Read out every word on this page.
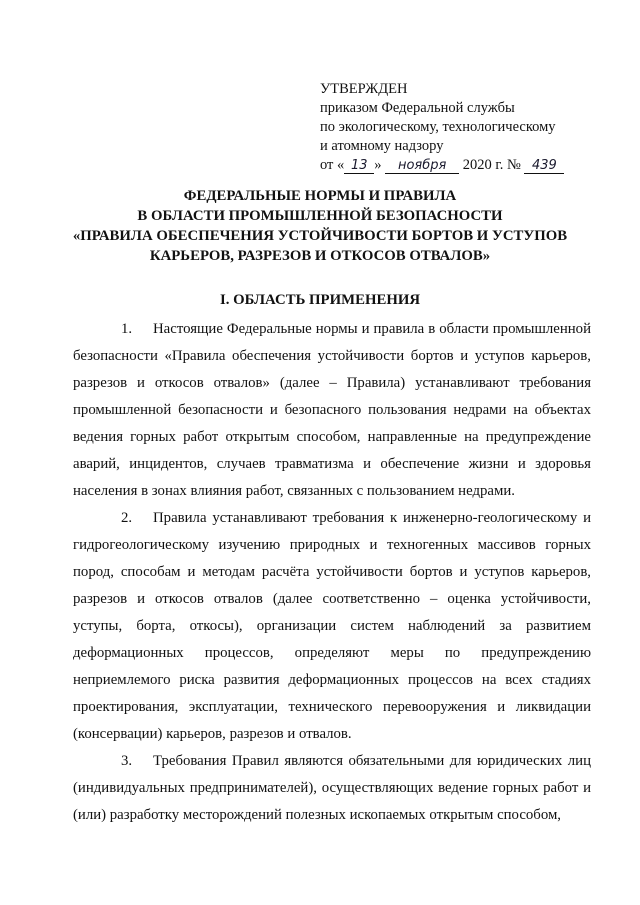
УТВЕРЖДЕН
приказом Федеральной службы
по экологическому, технологическому
и атомному надзору
от « 13 » ноября 2020 г. № 439
ФЕДЕРАЛЬНЫЕ НОРМЫ И ПРАВИЛА
В ОБЛАСТИ ПРОМЫШЛЕННОЙ БЕЗОПАСНОСТИ
«ПРАВИЛА ОБЕСПЕЧЕНИЯ УСТОЙЧИВОСТИ БОРТОВ И УСТУПОВ
КАРЬЕРОВ, РАЗРЕЗОВ И ОТКОСОВ ОТВАЛОВ»
I. ОБЛАСТЬ ПРИМЕНЕНИЯ

1. Настоящие Федеральные нормы и правила в области промышленной безопасности «Правила обеспечения устойчивости бортов и уступов карьеров, разрезов и откосов отвалов» (далее – Правила) устанавливают требования промышленной безопасности и безопасного пользования недрами на объектах ведения горных работ открытым способом, направленные на предупреждение аварий, инцидентов, случаев травматизма и обеспечение жизни и здоровья населения в зонах влияния работ, связанных с пользованием недрами.

2. Правила устанавливают требования к инженерно-геологическому и гидрогеологическому изучению природных и техногенных массивов горных пород, способам и методам расчёта устойчивости бортов и уступов карьеров, разрезов и откосов отвалов (далее соответственно – оценка устойчивости, уступы, борта, откосы), организации систем наблюдений за развитием деформационных процессов, определяют меры по предупреждению неприемлемого риска развития деформационных процессов на всех стадиях проектирования, эксплуатации, технического перевооружения и ликвидации (консервации) карьеров, разрезов и отвалов.

3. Требования Правил являются обязательными для юридических лиц (индивидуальных предпринимателей), осуществляющих ведение горных работ и (или) разработку месторождений полезных ископаемых открытым способом,
